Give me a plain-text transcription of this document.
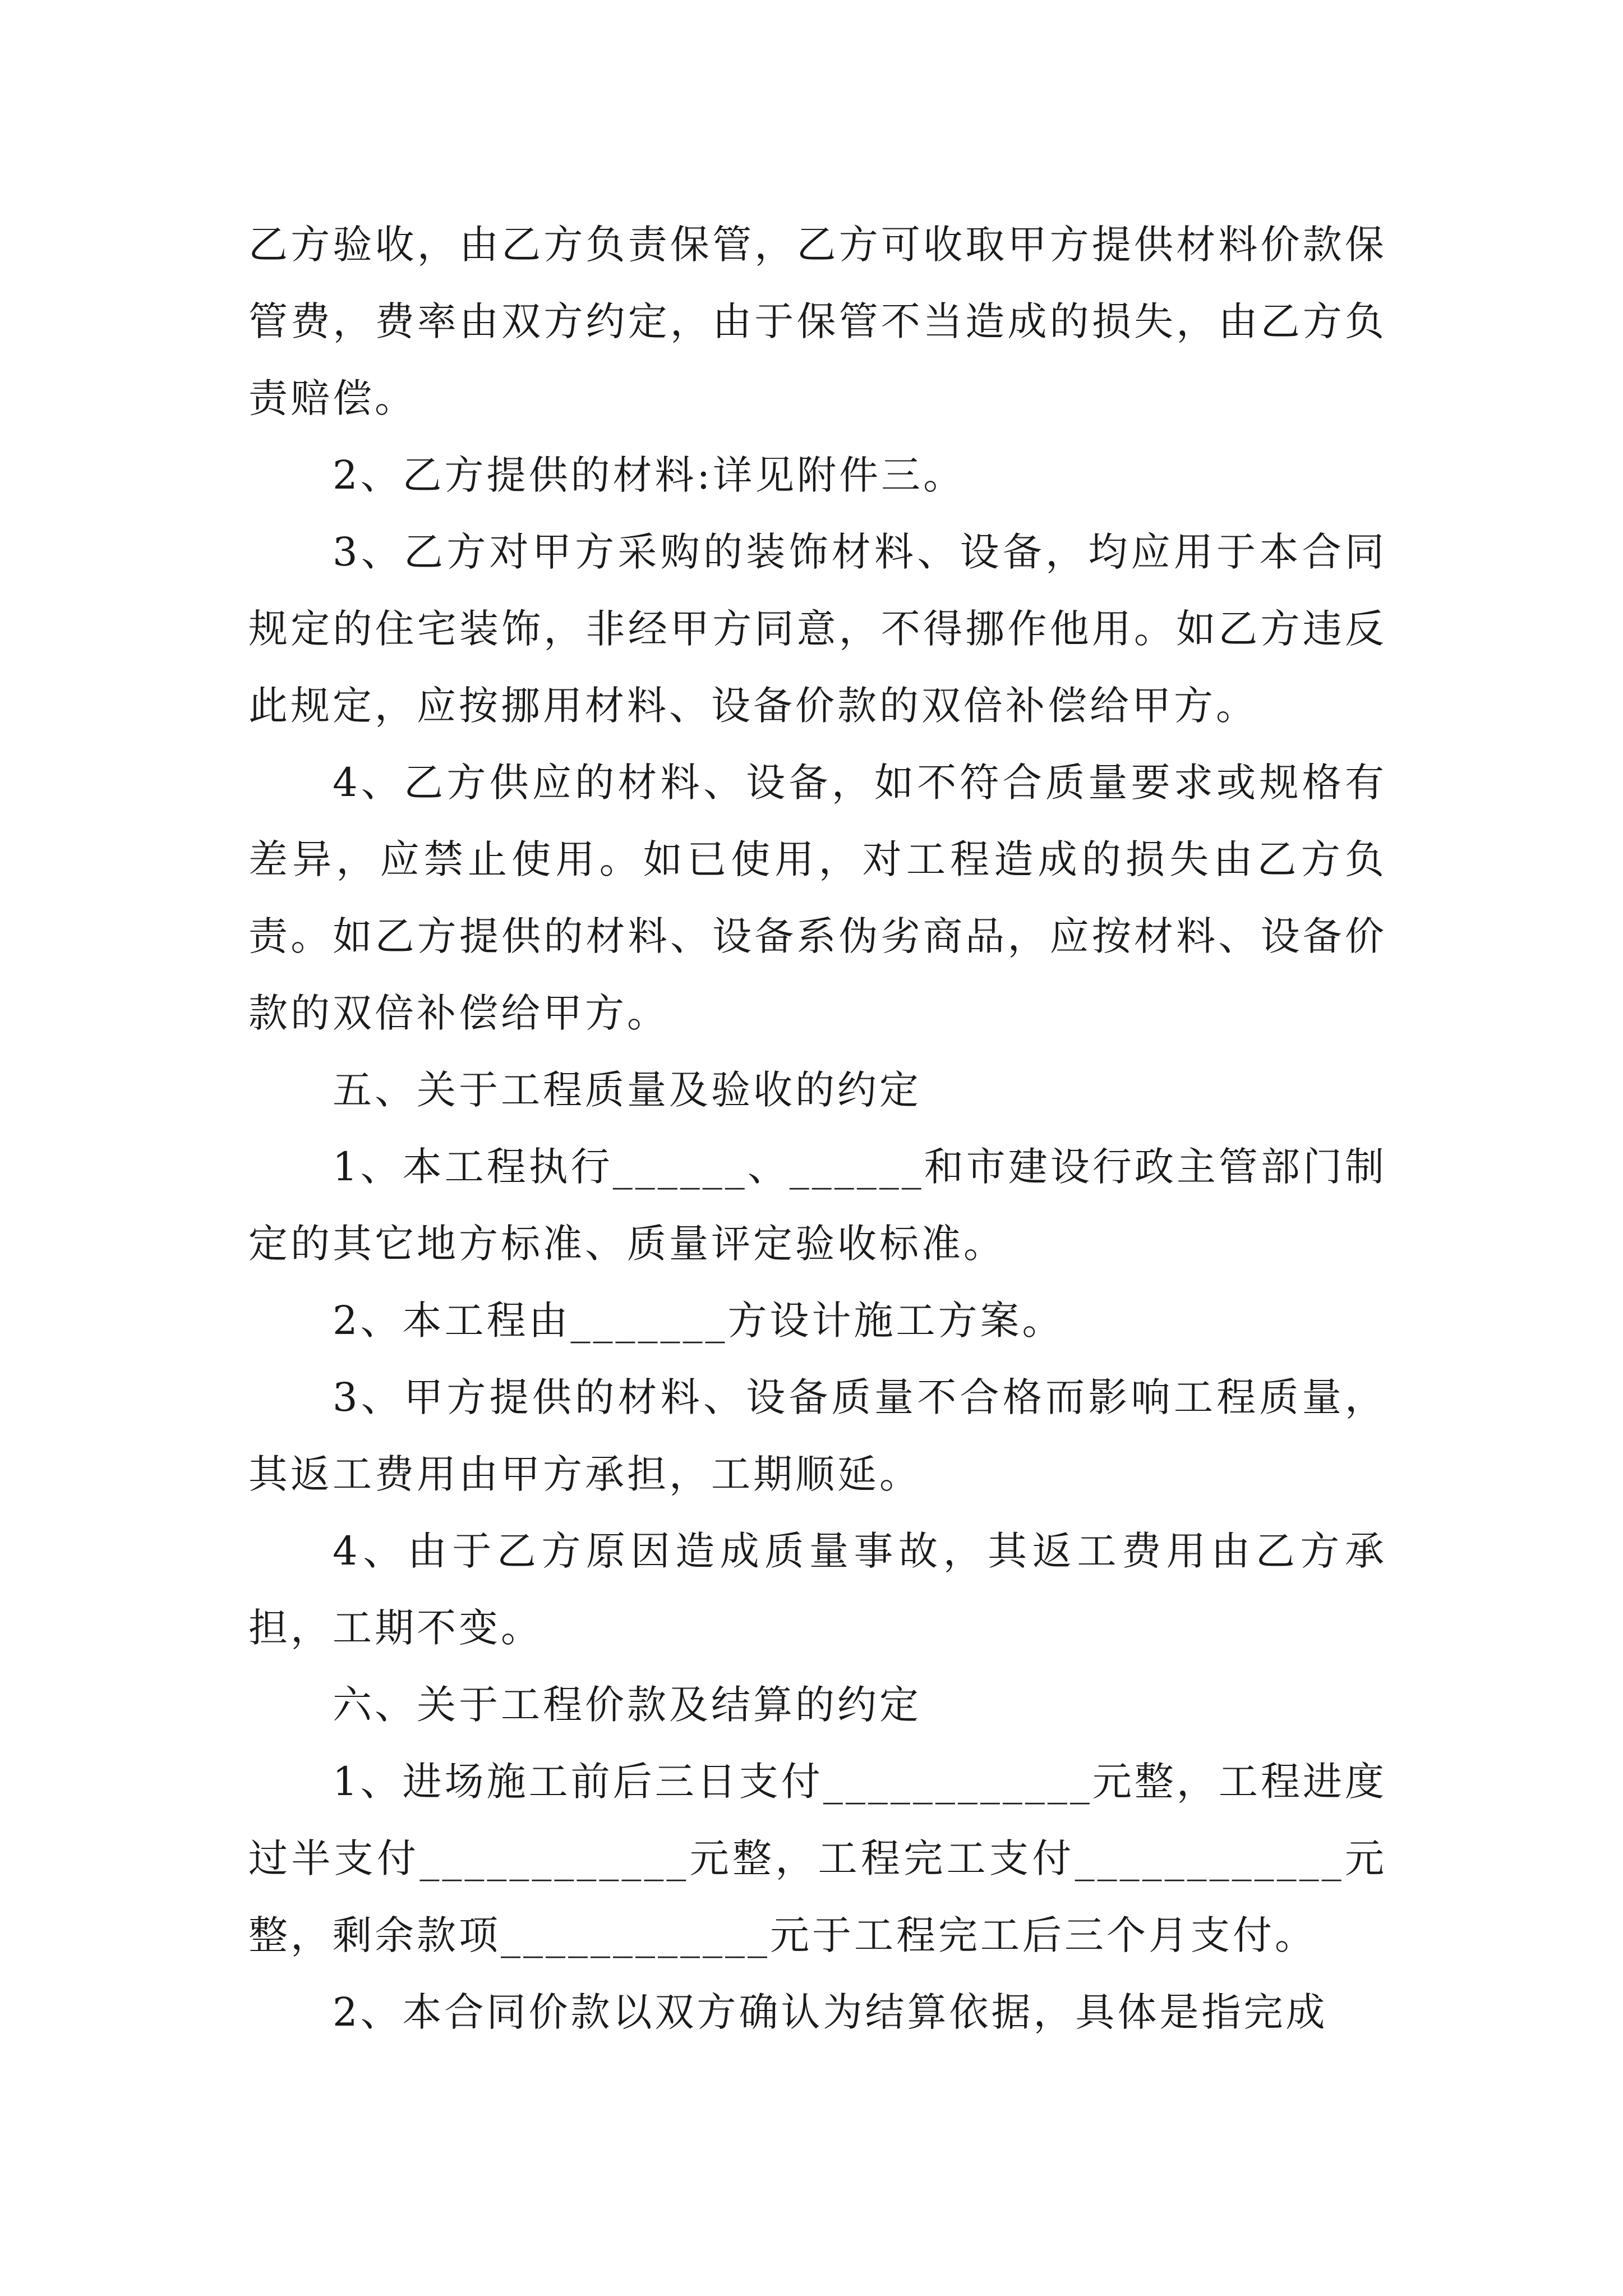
乙方验收，由乙方负责保管，乙方可收取甲方提供材料价款保管费，费率由双方约定，由于保管不当造成的损失，由乙方负责赔偿。

2、乙方提供的材料:详见附件三。

3、乙方对甲方采购的装饰材料、设备，均应用于本合同规定的住宅装饰，非经甲方同意，不得挪作他用。如乙方违反此规定，应按挪用材料、设备价款的双倍补偿给甲方。

4、乙方供应的材料、设备，如不符合质量要求或规格有差异，应禁止使用。如已使用，对工程造成的损失由乙方负责。如乙方提供的材料、设备系伪劣商品，应按材料、设备价款的双倍补偿给甲方。

五、关于工程质量及验收的约定

1、本工程执行______、______和市建设行政主管部门制定的其它地方标准、质量评定验收标准。

2、本工程由_______方设计施工方案。

3、甲方提供的材料、设备质量不合格而影响工程质量，其返工费用由甲方承担，工期顺延。

4、由于乙方原因造成质量事故，其返工费用由乙方承担，工期不变。

六、关于工程价款及结算的约定

1、进场施工前后三日支付____________元整，工程进度过半支付____________元整，工程完工支付____________元整，剩余款项____________元于工程完工后三个月支付。

2、本合同价款以双方确认为结算依据，具体是指完成
